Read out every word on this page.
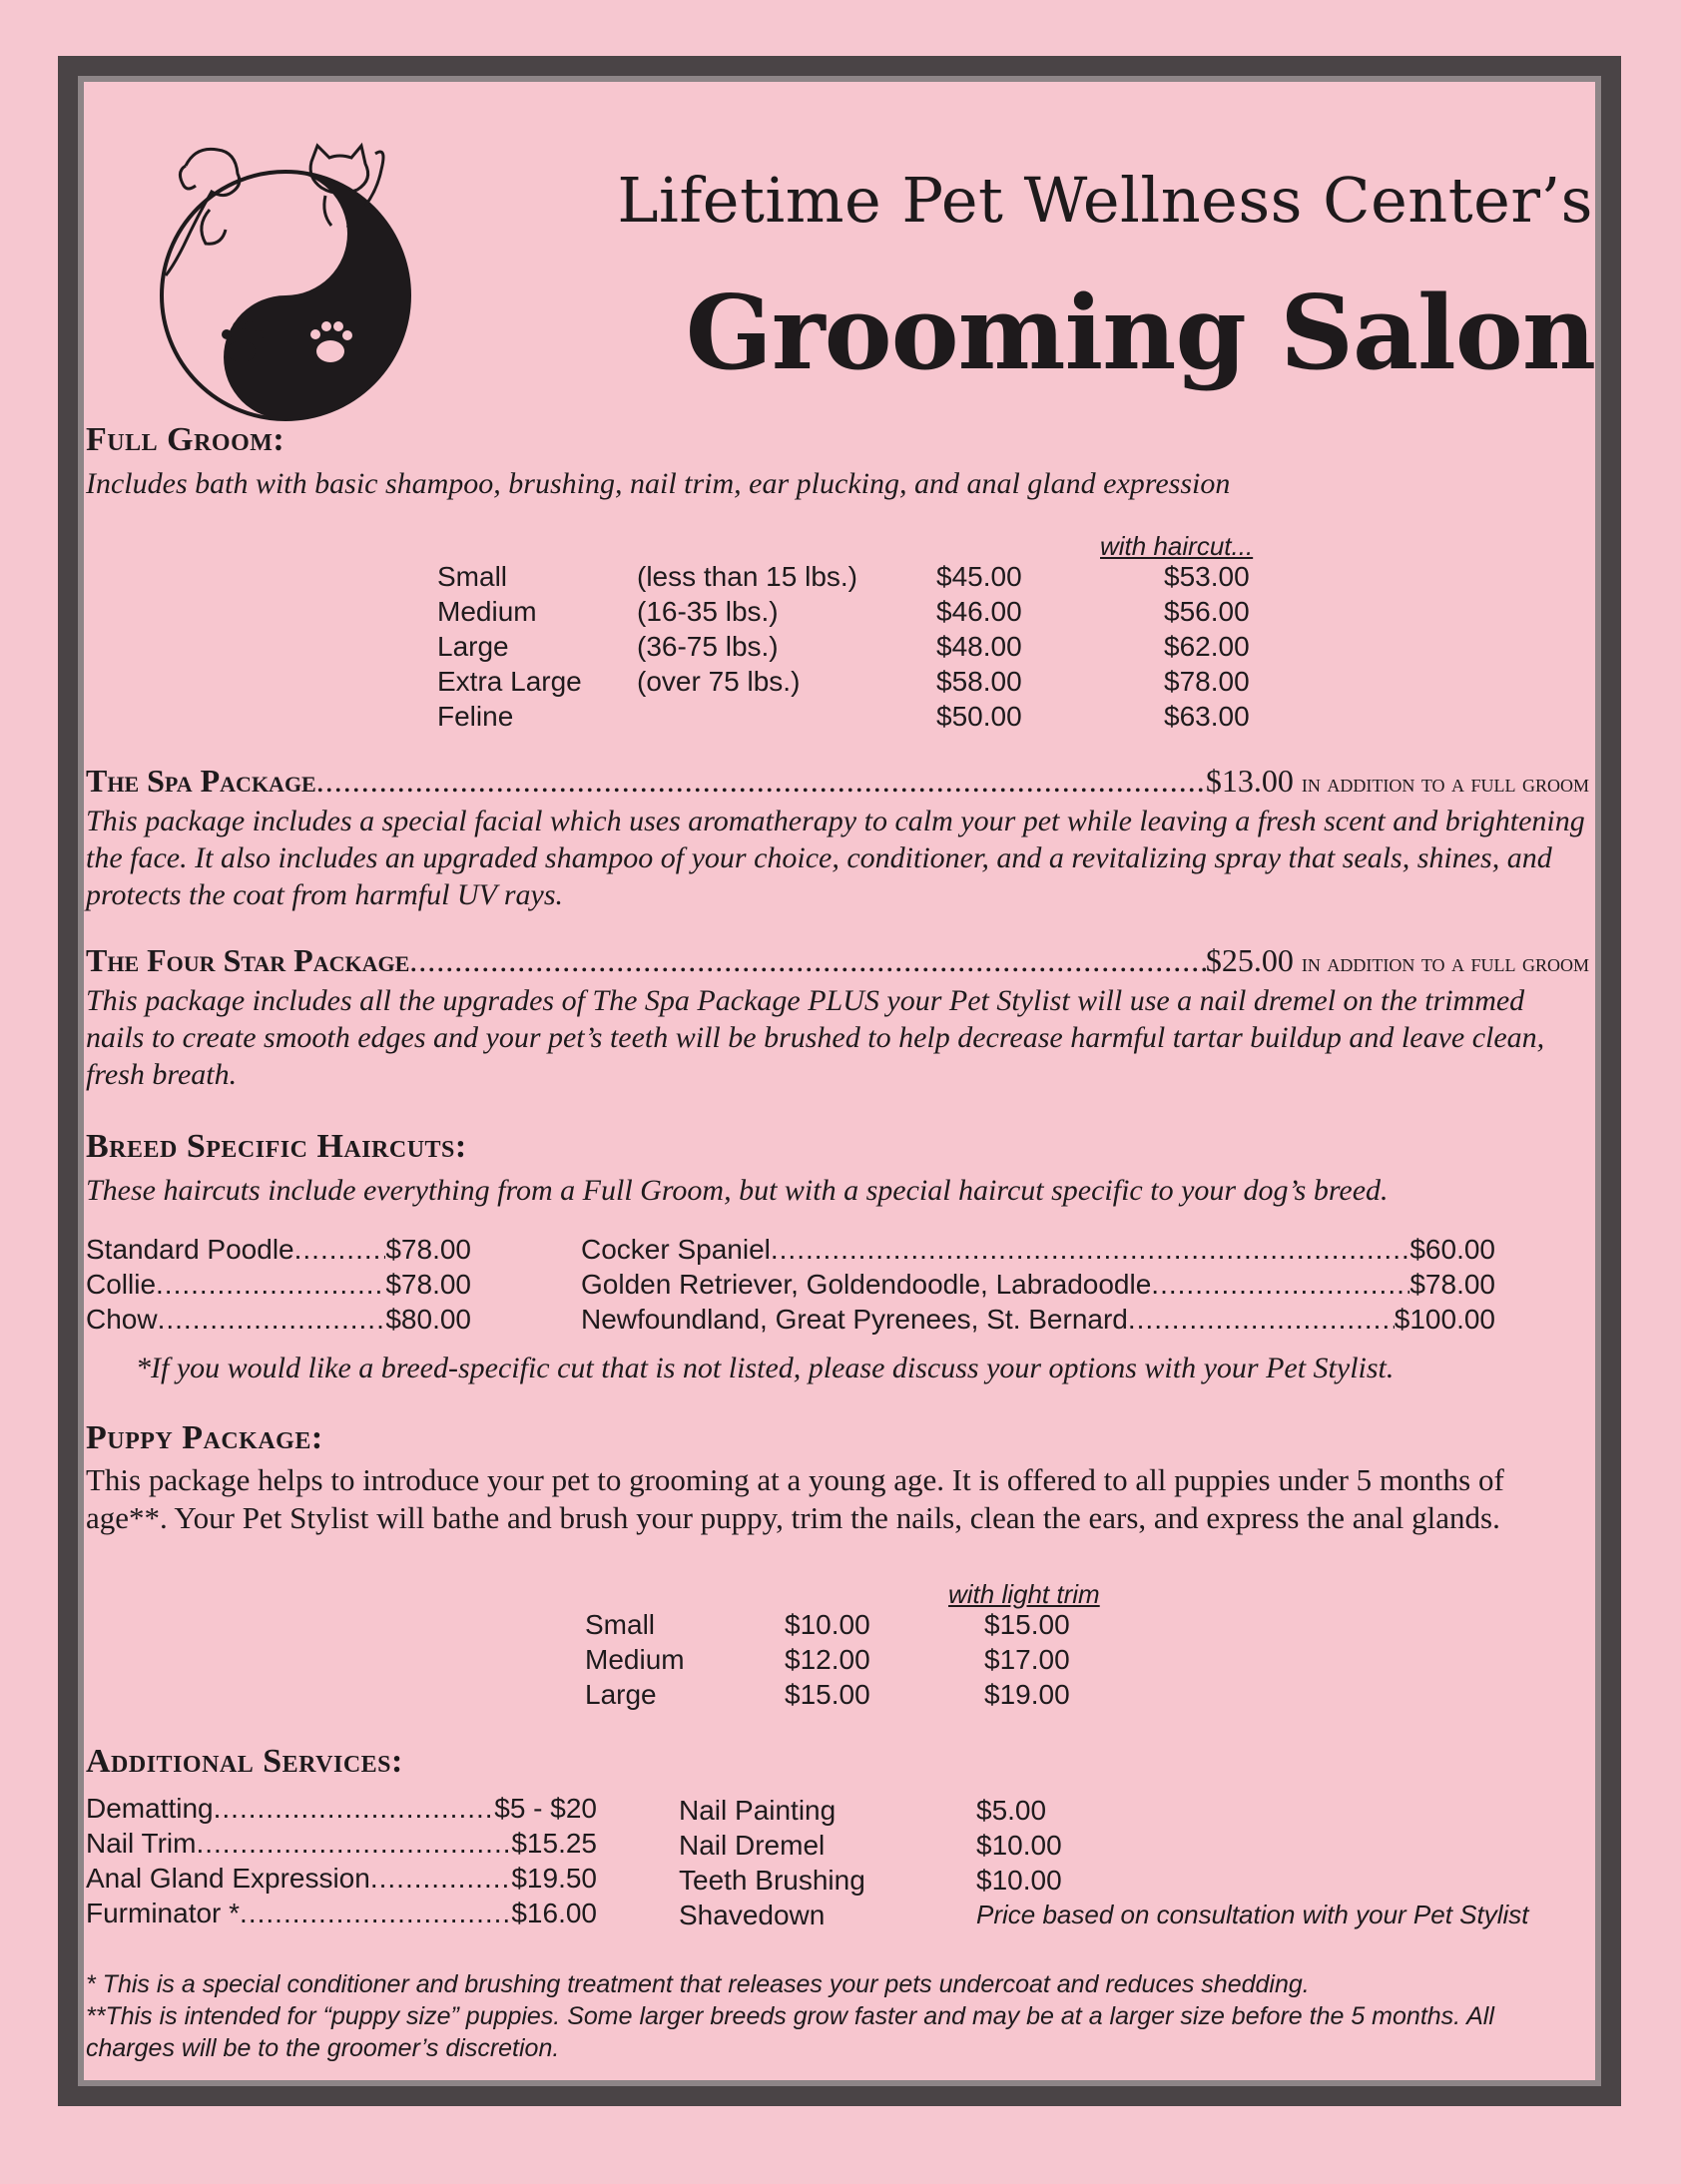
Lifetime Pet Wellness Center’s
Grooming Salon
Full Groom:
Includes bath with basic shampoo, brushing, nail trim, ear plucking, and anal gland expression
with haircut...
Small	(less than 15 lbs.)	$45.00	$53.00
Medium	(16-35 lbs.)	$46.00	$56.00
Large	(36-75 lbs.)	$48.00	$62.00
Extra Large	(over 75 lbs.)	$58.00	$78.00
Feline		$50.00	$63.00
The Spa Package .....	$13.00 in addition to a full groom
This package includes a special facial which uses aromatherapy to calm your pet while leaving a fresh scent and brightening the face. It also includes an upgraded shampoo of your choice, conditioner, and a revitalizing spray that seals, shines, and protects the coat from harmful UV rays.
The Four Star Package .....	$25.00 in addition to a full groom
This package includes all the upgrades of The Spa Package PLUS your Pet Stylist will use a nail dremel on the trimmed nails to create smooth edges and your pet’s teeth will be brushed to help decrease harmful tartar buildup and leave clean, fresh breath.
Breed Specific Haircuts:
These haircuts include everything from a Full Groom, but with a special haircut specific to your dog’s breed.
Standard Poodle .....	$78.00
Collie .....	$78.00
Chow .....	$80.00
Cocker Spaniel .....	$60.00
Golden Retriever, Goldendoodle, Labradoodle .....	$78.00
Newfoundland, Great Pyrenees, St. Bernard .....	$100.00
*If you would like a breed-specific cut that is not listed, please discuss your options with your Pet Stylist.
Puppy Package:
This package helps to introduce your pet to grooming at a young age. It is offered to all puppies under 5 months of age**. Your Pet Stylist will bathe and brush your puppy, trim the nails, clean the ears, and express the anal glands.
with light trim
Small	$10.00	$15.00
Medium	$12.00	$17.00
Large	$15.00	$19.00
Additional Services:
Dematting .....	$5 - $20
Nail Trim .....	$15.25
Anal Gland Expression .....	$19.50
Furminator * .....	$16.00
Nail Painting	$5.00
Nail Dremel	$10.00
Teeth Brushing	$10.00
Shavedown	Price based on consultation with your Pet Stylist
* This is a special conditioner and brushing treatment that releases your pets undercoat and reduces shedding.
**This is intended for “puppy size” puppies. Some larger breeds grow faster and may be at a larger size before the 5 months. All charges will be to the groomer’s discretion.
